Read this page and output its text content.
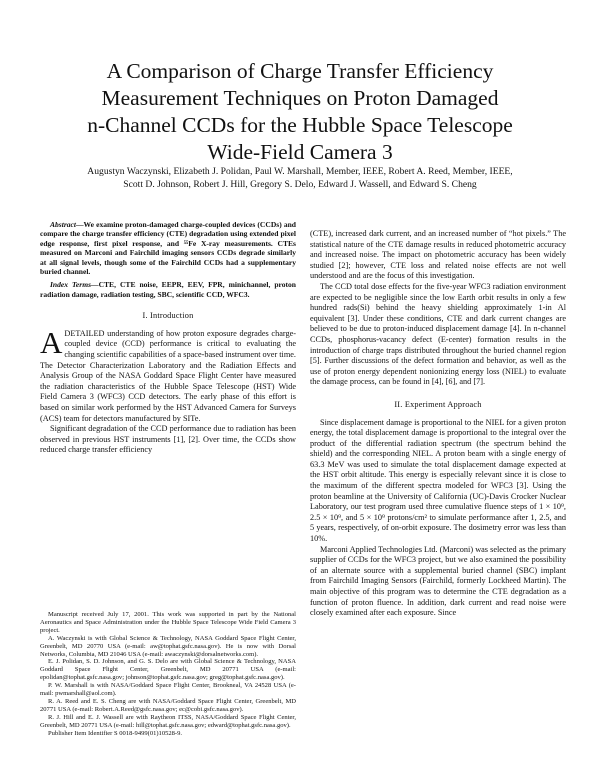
A Comparison of Charge Transfer Efficiency
Measurement Techniques on Proton Damaged
n-Channel CCDs for the Hubble Space Telescope
Wide-Field Camera 3
Augustyn Waczynski, Elizabeth J. Polidan, Paul W. Marshall, Member, IEEE, Robert A. Reed, Member, IEEE,
Scott D. Johnson, Robert J. Hill, Gregory S. Delo, Edward J. Wassell, and Edward S. Cheng

Abstract—We examine proton-damaged charge-coupled devices (CCDs) and compare the charge transfer efficiency (CTE) degradation using extended pixel edge response, first pixel response, and ⁵⁵Fe X-ray measurements. CTEs measured on Marconi and Fairchild imaging sensors CCDs degrade similarly at all signal levels, though some of the Fairchild CCDs had a supplementary buried channel.

Index Terms—CTE, CTE noise, EEPR, EEV, FPR, minichannel, proton radiation damage, radiation testing, SBC, scientific CCD, WFC3.

I. Introduction

ADETAILED understanding of how proton exposure degrades charge-coupled device (CCD) performance is critical to evaluating the changing scientific capabilities of a space-based instrument over time. The Detector Characterization Laboratory and the Radiation Effects and Analysis Group of the NASA Goddard Space Flight Center have measured the radiation characteristics of the Hubble Space Telescope (HST) Wide Field Camera 3 (WFC3) CCD detectors. The early phase of this effort is based on similar work performed by the HST Advanced Camera for Surveys (ACS) team for detectors manufactured by SITe.

Significant degradation of the CCD performance due to radiation has been observed in previous HST instruments [1], [2]. Over time, the CCDs show reduced charge transfer efficiency

Manuscript received July 17, 2001. This work was supported in part by the National Aeronautics and Space Administration under the Hubble Space Telescope Wide Field Camera 3 project.

A. Waczynski is with Global Science & Technology, NASA Goddard Space Flight Center, Greenbelt, MD 20770 USA (e-mail: aw@tophat.gsfc.nasa.gov). He is now with Dorsal Networks, Columbia, MD 21046 USA (e-mail: awaczynski@dorsalnetworks.com).

E. J. Polidan, S. D. Johnson, and G. S. Delo are with Global Science & Technology, NASA Goddard Space Flight Center, Greenbelt, MD 20771 USA (e-mail: epolidan@tophat.gsfc.nasa.gov; johnson@tophat.gsfc.nasa.gov; greg@tophat.gsfc.nasa.gov).

P. W. Marshall is with NASA/Goddard Space Flight Center, Brookneal, VA 24528 USA (e-mail: pwmarshall@aol.com).

R. A. Reed and E. S. Cheng are with NASA/Goddard Space Flight Center, Greenbelt, MD 20771 USA (e-mail: Robert.A.Reed@gsfc.nasa.gov; ec@cobi.gsfc.nasa.gov).

R. J. Hill and E. J. Wassell are with Raytheon ITSS, NASA/Goddard Space Flight Center, Greenbelt, MD 20771 USA (e-mail: hill@tophat.gsfc.nasa.gov; edward@tophat.gsfc.nasa.gov).

Publisher Item Identifier S 0018-9499(01)10528-9.

(CTE), increased dark current, and an increased number of “hot pixels.” The statistical nature of the CTE damage results in reduced photometric accuracy and increased noise. The impact on photometric accuracy has been widely studied [2]; however, CTE loss and related noise effects are not well understood and are the focus of this investigation.

The CCD total dose effects for the five-year WFC3 radiation environment are expected to be negligible since the low Earth orbit results in only a few hundred rads(Si) behind the heavy shielding approximately 1-in Al equivalent [3]. Under these conditions, CTE and dark current changes are believed to be due to proton-induced displacement damage [4]. In n-channel CCDs, phosphorus-vacancy defect (E-center) formation results in the introduction of charge traps distributed throughout the buried channel region [5]. Further discussions of the defect formation and behavior, as well as the use of proton energy dependent nonionizing energy loss (NIEL) to evaluate the damage process, can be found in [4], [6], and [7].

II. Experiment Approach

Since displacement damage is proportional to the NIEL for a given proton energy, the total displacement damage is proportional to the integral over the product of the differential radiation spectrum (the spectrum behind the shield) and the corresponding NIEL. A proton beam with a single energy of 63.3 MeV was used to simulate the total displacement damage expected at the HST orbit altitude. This energy is especially relevant since it is close to the maximum of the different spectra modeled for WFC3 [3]. Using the proton beamline at the University of California (UC)-Davis Crocker Nuclear Laboratory, our test program used three cumulative fluence steps of 1 × 10⁹, 2.5 × 10⁹, and 5 × 10⁹ protons/cm² to simulate performance after 1, 2.5, and 5 years, respectively, of on-orbit exposure. The dosimetry error was less than 10%.

Marconi Applied Technologies Ltd. (Marconi) was selected as the primary supplier of CCDs for the WFC3 project, but we also examined the possibility of an alternate source with a supplemental buried channel (SBC) implant from Fairchild Imaging Sensors (Fairchild, formerly Lockheed Martin). The main objective of this program was to determine the CTE degradation as a function of proton fluence. In addition, dark current and read noise were closely examined after each exposure. Since
